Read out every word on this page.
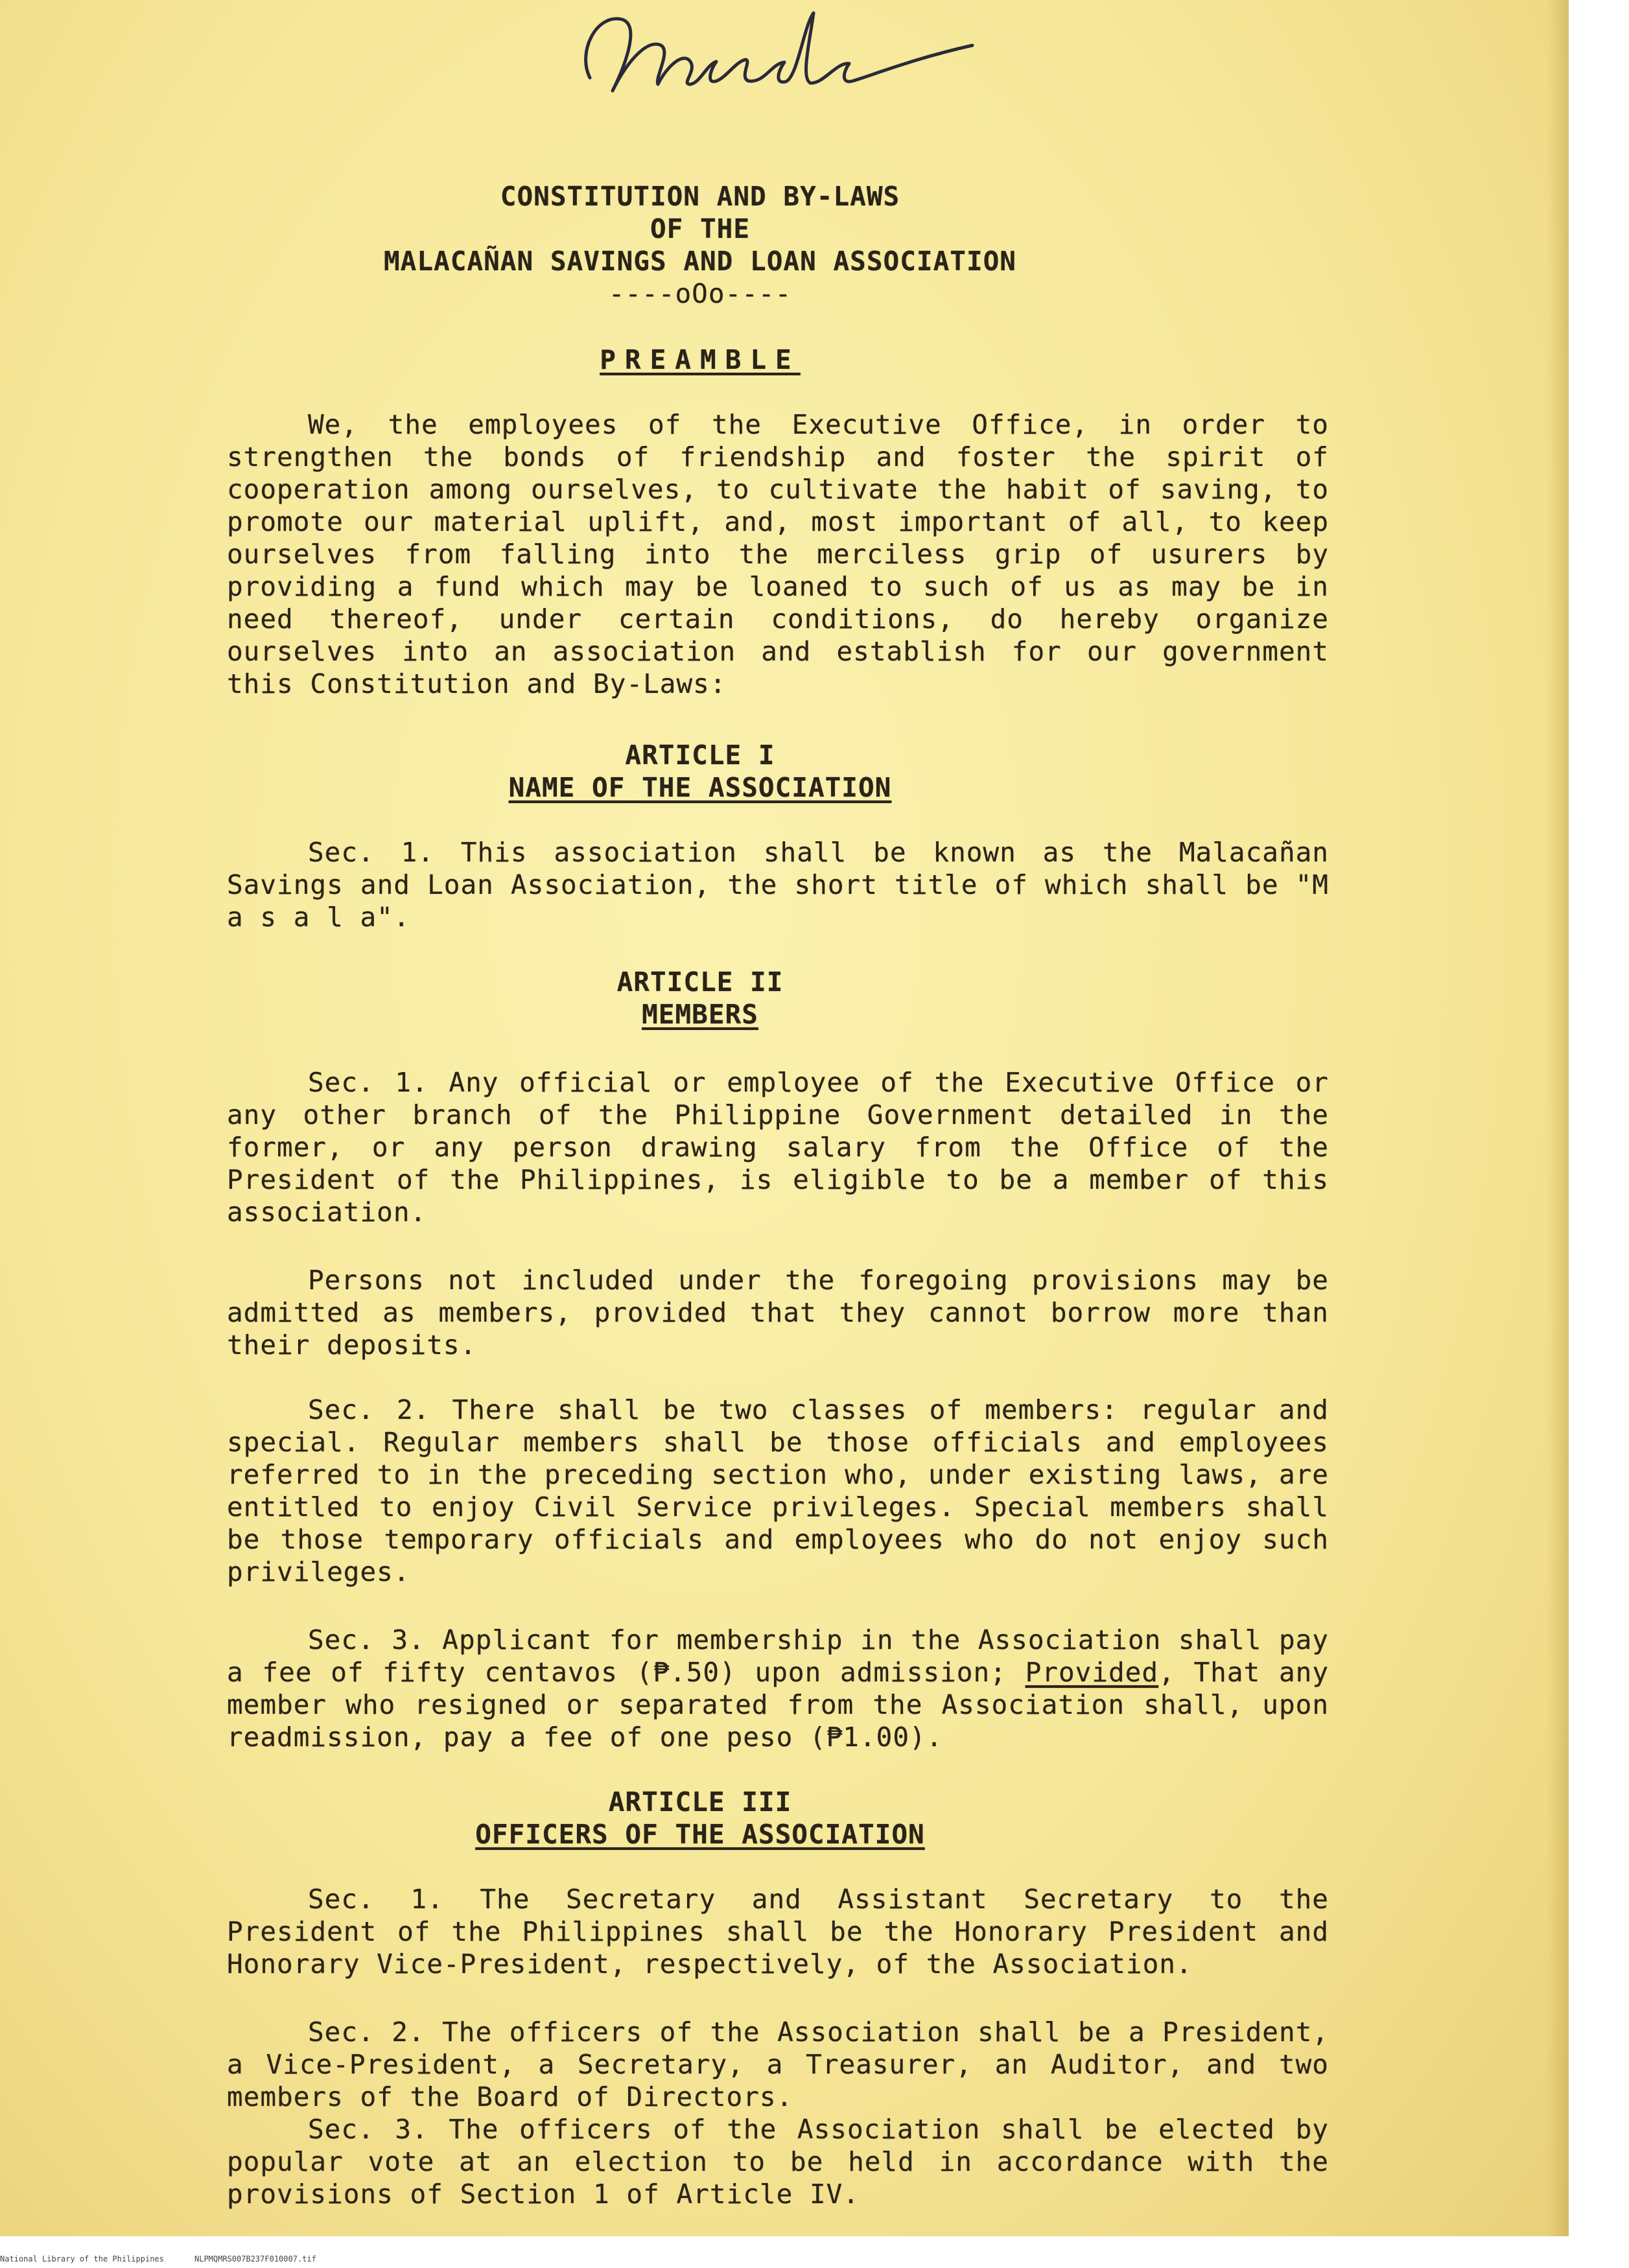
CONSTITUTION AND BY-LAWS
OF THE
MALACAÑAN SAVINGS AND LOAN ASSOCIATION
----oOo----
PREAMBLE
We, the employees of the Executive Office, in order to strengthen the bonds of friendship and foster the spirit of cooperation among ourselves, to cultivate the habit of saving, to promote our material uplift, and, most important of all, to keep ourselves from falling into the merciless grip of usurers by providing a fund which may be loaned to such of us as may be in need thereof, under certain conditions, do hereby organize ourselves into an association and establish for our government this Constitution and By-Laws:
ARTICLE I
NAME OF THE ASSOCIATION
Sec. 1. This association shall be known as the Malacañan Savings and Loan Association, the short title of which shall be "M a s a l a".
ARTICLE II
MEMBERS
Sec. 1. Any official or employee of the Executive Office or any other branch of the Philippine Government detailed in the former, or any person drawing salary from the Office of the President of the Philippines, is eligible to be a member of this association.
Persons not included under the foregoing provisions may be admitted as members, provided that they cannot borrow more than their deposits.
Sec. 2. There shall be two classes of members: regular and special. Regular members shall be those officials and employees referred to in the preceding section who, under existing laws, are entitled to enjoy Civil Service privileges. Special members shall be those temporary officials and employees who do not enjoy such privileges.
Sec. 3. Applicant for membership in the Association shall pay a fee of fifty centavos (₱.50) upon admission; Provided, That any member who resigned or separated from the Association shall, upon readmission, pay a fee of one peso (₱1.00).
ARTICLE III
OFFICERS OF THE ASSOCIATION
Sec. 1. The Secretary and Assistant Secretary to the President of the Philippines shall be the Honorary President and Honorary Vice-President, respectively, of the Association.
Sec. 2. The officers of the Association shall be a President, a Vice-President, a Secretary, a Treasurer, an Auditor, and two members of the Board of Directors.
Sec. 3. The officers of the Association shall be elected by popular vote at an election to be held in accordance with the provisions of Section 1 of Article IV.
National Library of the Philippines	NLPMQMRS007B237F010007.tif
